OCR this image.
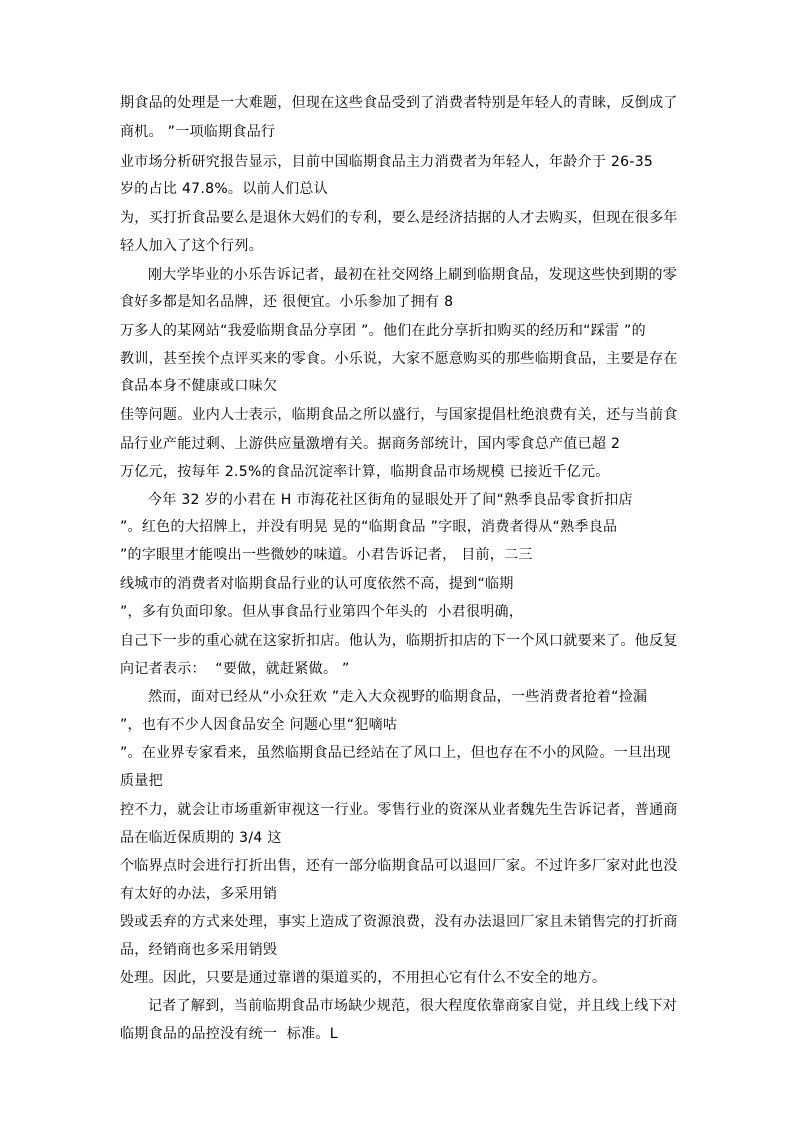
期食品的处理是一大难题，但现在这些食品受到了消费者特别是年轻人的青睐，反倒成了
商机。 ”一项临期食品行
业市场分析研究报告显示，目前中国临期食品主力消费者为年轻人，年龄介于 26-35
岁的占比 47.8%。以前人们总认
为，买打折食品要么是退休大妈们的专利，要么是经济拮据的人才去购买，但现在很多年
轻人加入了这个行列。
刚大学毕业的小乐告诉记者，最初在社交网络上刷到临期食品，发现这些快到期的零
食好多都是知名品牌，还 很便宜。小乐参加了拥有 8
万多人的某网站“我爱临期食品分享团 ”。他们在此分享折扣购买的经历和“踩雷 ”的
教训，甚至挨个点评买来的零食。小乐说，大家不愿意购买的那些临期食品，主要是存在
食品本身不健康或口味欠
佳等问题。业内人士表示，临期食品之所以盛行，与国家提倡杜绝浪费有关，还与当前食
品行业产能过剩、上游供应量激增有关。据商务部统计，国内零食总产值已超 2
万亿元，按每年 2.5%的食品沉淀率计算，临期食品市场规模 已接近千亿元。
今年 32 岁的小君在 H 市海花社区街角的显眼处开了间“熟季良品零食折扣店
”。红色的大招牌上，并没有明晃 晃的“临期食品 ”字眼，消费者得从“熟季良品
”的字眼里才能嗅出一些微妙的味道。小君告诉记者， 目前，二三
线城市的消费者对临期食品行业的认可度依然不高，提到“临期
”，多有负面印象。但从事食品行业第四个年头的  小君很明确，
自己下一步的重心就在这家折扣店。他认为，临期折扣店的下一个风口就要来了。他反复
向记者表示：  “要做，就赶紧做。 ”
然而，面对已经从“小众狂欢 ”走入大众视野的临期食品，一些消费者抢着“捡漏
”，也有不少人因食品安全 问题心里“犯嘀咕
”。在业界专家看来，虽然临期食品已经站在了风口上，但也存在不小的风险。一旦出现
质量把
控不力，就会让市场重新审视这一行业。零售行业的资深从业者魏先生告诉记者，普通商
品在临近保质期的 3/4 这
个临界点时会进行打折出售，还有一部分临期食品可以退回厂家。不过许多厂家对此也没
有太好的办法，多采用销
毁或丢弃的方式来处理，事实上造成了资源浪费，没有办法退回厂家且未销售完的打折商
品，经销商也多采用销毁
处理。因此，只要是通过靠谱的渠道买的，不用担心它有什么不安全的地方。
记者了解到，当前临期食品市场缺少规范，很大程度依靠商家自觉，并且线上线下对
临期食品的品控没有统一  标准。L
